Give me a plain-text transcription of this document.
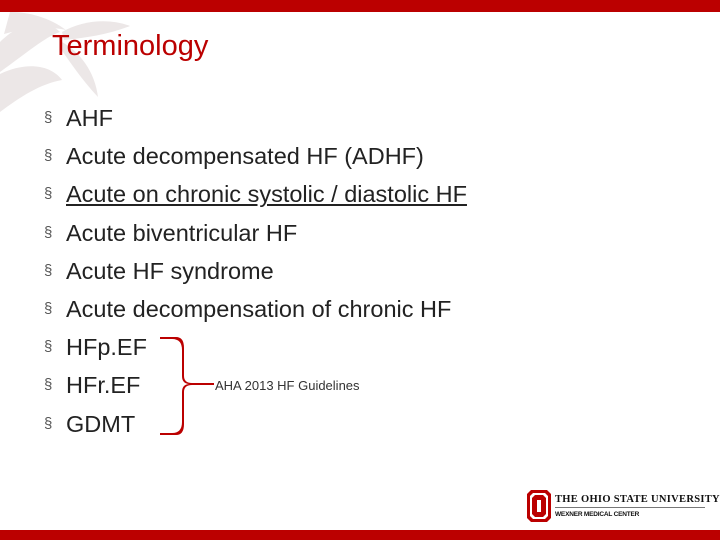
Terminology
§ AHF
§ Acute decompensated HF (ADHF)
§ Acute on chronic systolic / diastolic HF
§ Acute biventricular HF
§ Acute HF syndrome
§ Acute decompensation of chronic HF
§ HFp.EF
§ HFr.EF
§ GDMT
AHA 2013 HF Guidelines
THE OHIO STATE UNIVERSITY
WEXNER MEDICAL CENTER
